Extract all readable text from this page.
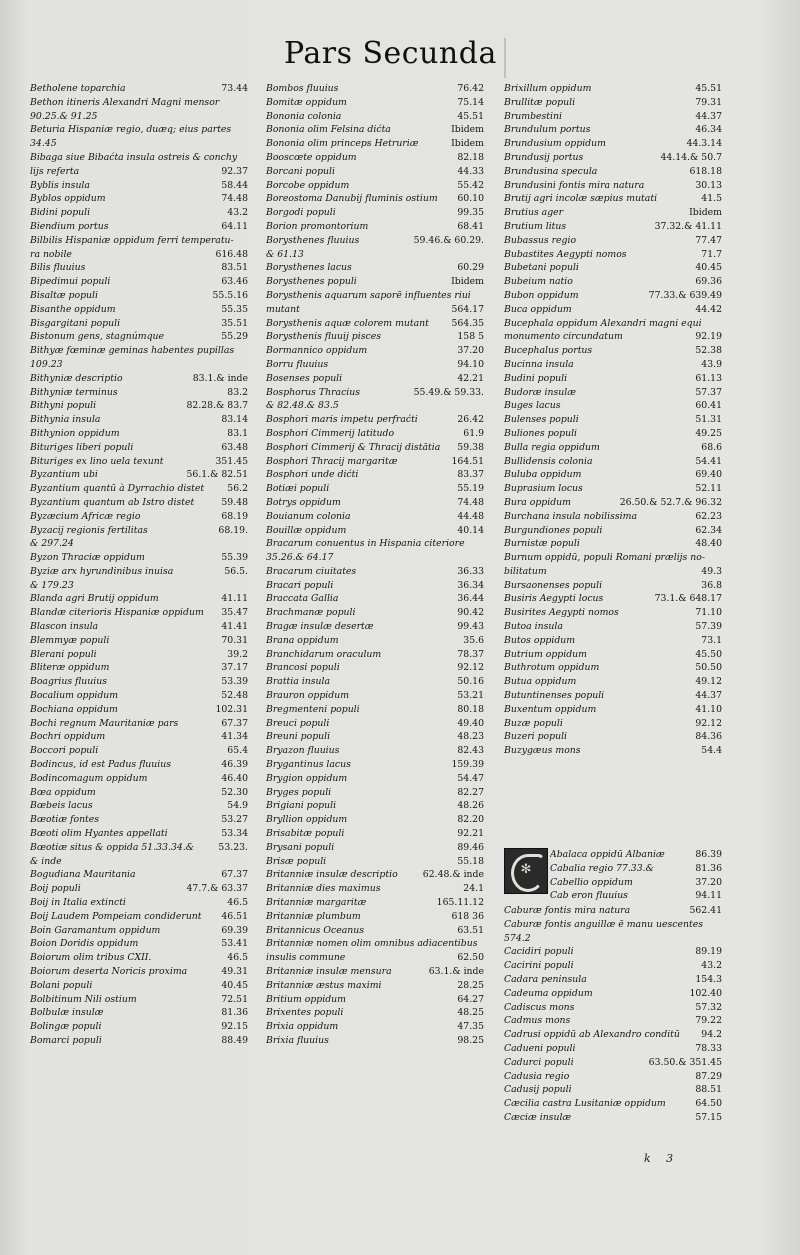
Pars Secunda
73.44
Betholene toparchia
Bethon itineris Alexandri Magni mensor
90.25.& 91.25
Beturia Hispaniæ regio, duæq; eius partes
34.45
Bibaga siue Bibaćta insula ostreis & conchy
92.37
lijs referta
58.44
Byblis insula
74.48
Byblos oppidum
43.2
Bidini populi
64.11
Biendium portus
Bilbilis Hispaniæ oppidum ferri temperatu-
616.48
ra nobile
83.51
Bilis fluuius
63.46
Bipedimui populi
55.5.16
Bisaltæ populi
55.35
Bisanthe oppidum
35.51
Bisgargitani populi
55.29
Bistonum gens, stagnúmque
Bithyæ fœminæ geminas habentes pupillas
109.23
83.1.& inde
Bithyniæ descriptio
83.2
Bithyniæ terminus
82.28.& 83.7
Bithyni populi
83.14
Bithynia insula
83.1
Bithynion oppidum
63.48
Bituriges liberi populi
351.45
Bituriges ex lino uela texunt
56.1.& 82.51
Byzantium ubi
56.2
Byzantium quantū à Dyrrachio distet
59.48
Byzantium quantum ab Istro distet
68.19
Byzæcium Africæ regio
68.19.
Byzacij regionis fertilitas
& 297.24
55.39
Byzon Thraciæ oppidum
56.5.
Byziæ arx hyrundinibus inuisa
& 179.23
41.11
Blanda agri Brutij oppidum
35.47
Blandæ citerioris Hispaniæ oppidum
41.41
Blascon insula
70.31
Blemmyæ populi
39.2
Blerani populi
37.17
Bliteræ oppidum
53.39
Boagrius fluuius
52.48
Bocalium oppidum
102.31
Bochiana oppidum
67.37
Bochi regnum Mauritaniæ pars
41.34
Bochri oppidum
65.4
Boccori populi
46.39
Bodincus, id est Padus fluuius
46.40
Bodincomagum oppidum
52.30
Bœa oppidum
54.9
Bœbeis lacus
53.27
Bœotiæ fontes
53.34
Bœoti olim Hyantes appellati
53.23.
Bœotiæ situs & oppida 51.33.34.&
& inde
67.37
Bogudiana Mauritania
47.7.& 63.37
Boij populi
46.5
Boij in Italia extincti
46.51
Boij Laudem Pompeiam condiderunt
69.39
Boin Garamantum oppidum
53.41
Boion Doridis oppidum
46.5
Boiorum olim tribus CXII.
49.31
Boiorum deserta Noricis proxima
40.45
Bolani populi
72.51
Bolbitinum Nili ostium
81.36
Bolbulæ insulæ
92.15
Bolingæ populi
88.49
Bomarci populi
76.42
Bombos fluuius
75.14
Bomitæ oppidum
45.51
Bononia colonia
Ibidem
Bononia olim Felsina dićta
Ibidem
Bononia olim princeps Hetruriæ
82.18
Booscœte oppidum
44.33
Borcani populi
55.42
Borcobe oppidum
60.10
Boreostoma Danubij fluminis ostium
99.35
Borgodi populi
68.41
Borion promontorium
59.46.& 60.29.
Borysthenes fluuius
& 61.13
60.29
Borysthenes lacus
Ibidem
Borysthenes populi
Borysthenis aquarum saporē influentes riui
564.17
mutant
564.35
Borysthenis aquæ colorem mutant
158 5
Borysthenis fluuij pisces
37.20
Bormannico oppidum
94.10
Borru fluuius
42.21
Bosenses populi
55.49.& 59.33.
Bosphorus Thracius
& 82.48.& 83.5
26.42
Bosphori maris impetu perfraćti
61.9
Bosphori Cimmerij latitudo
59.38
Bosphori Cimmerij & Thracij distātia
164.51
Bosphori Thracij margaritæ
83.37
Bosphori unde dićti
55.19
Botiæi populi
74.48
Botrys oppidum
44.48
Bouianum colonia
40.14
Bouillæ oppidum
Bracarum conuentus in Hispania citeriore
35.26.& 64.17
36.33
Bracarum ciuitates
36.34
Bracari populi
36.44
Braccata Gallia
90.42
Brachmanæ populi
99.43
Bragæ insulæ desertæ
35.6
Brana oppidum
78.37
Branchidarum oraculum
92.12
Brancosi populi
50.16
Brattia insula
53.21
Brauron oppidum
80.18
Bregmenteni populi
49.40
Breuci populi
48.23
Breuni populi
82.43
Bryazon fluuius
159.39
Brygantinus lacus
54.47
Brygion oppidum
82.27
Bryges populi
48.26
Brigiani populi
82.20
Bryllion oppidum
92.21
Brisabitæ populi
89.46
Brysani populi
55.18
Brisæ populi
62.48.& inde
Britanniæ insulæ descriptio
24.1
Britanniæ dies maximus
165.11.12
Britanniæ margaritæ
618 36
Britanniæ plumbum
63.51
Britannicus Oceanus
Britanniæ nomen olim omnibus adiacentibus
62.50
insulis commune
63.1.& inde
Britanniæ insulæ mensura
28.25
Britanniæ æstus maximi
64.27
Britium oppidum
48.25
Brixentes populi
47.35
Brixia oppidum
98.25
Brixia fluuius
45.51
Brixillum oppidum
79.31
Brullitæ populi
44.37
Brumbestini
46.34
Brundulum portus
44.3.14
Brundusium oppidum
44.14.& 50.7
Brundusij portus
618.18
Brundusina specula
30.13
Brundusini fontis mira natura
41.5
Brutij agri incolæ sæpius mutati
Ibidem
Brutius ager
37.32.& 41.11
Brutium litus
77.47
Bubassus regio
71.7
Bubastites Aegypti nomos
40.45
Bubetani populi
69.36
Bubeium natio
77.33.& 639.49
Bubon oppidum
44.42
Buca oppidum
Bucephala oppidum Alexandri magni equi
92.19
monumento circundatum
52.38
Bucephalus portus
43.9
Bucinna insula
61.13
Budini populi
57.37
Budoræ insulæ
60.41
Buges lacus
51.31
Bulenses populi
49.25
Buliones populi
68.6
Bulla regia oppidum
54.41
Bullidensis colonia
69.40
Buluba oppidum
52.11
Buprasium locus
26.50.& 52.7.& 96.32
Bura oppidum
62.23
Burchana insula nobilissima
62.34
Burgundiones populi
48.40
Burnistæ populi
Burnum oppidū, populi Romani prælijs no-
49.3
bilitatum
36.8
Bursaonenses populi
73.1.& 648.17
Busiris Aegypti locus
71.10
Busirites Aegypti nomos
57.39
Butoa insula
73.1
Butos oppidum
45.50
Butrium oppidum
50.50
Buthrotum oppidum
49.12
Butua oppidum
44.37
Butuntinenses populi
41.10
Buxentum oppidum
92.12
Buzæ populi
84.36
Buzeri populi
54.4
Buzygæus mons
✻
86.39
Abalaca oppidū Albaniæ
81.36
Cabalia regio 77.33.&
37.20
Cabellio oppidum
94.11
Cab eron fluuius
562.41
Caburæ fontis mira natura
Caburæ fontis anguillæ ē manu uescentes
574.2
89.19
Cacidiri populi
43.2
Cacirini populi
154.3
Cadara peninsula
102.40
Cadeuma oppidum
57.32
Cadiscus mons
79.22
Cadmus mons
94.2
Cadrusi oppidū ab Alexandro conditū
78.33
Cadueni populi
63.50.& 351.45
Cadurci populi
87.29
Cadusia regio
88.51
Cadusij populi
64.50
Cæcilia castra Lusitaniæ oppidum
57.15
Cæciæ insulæ
k 3
